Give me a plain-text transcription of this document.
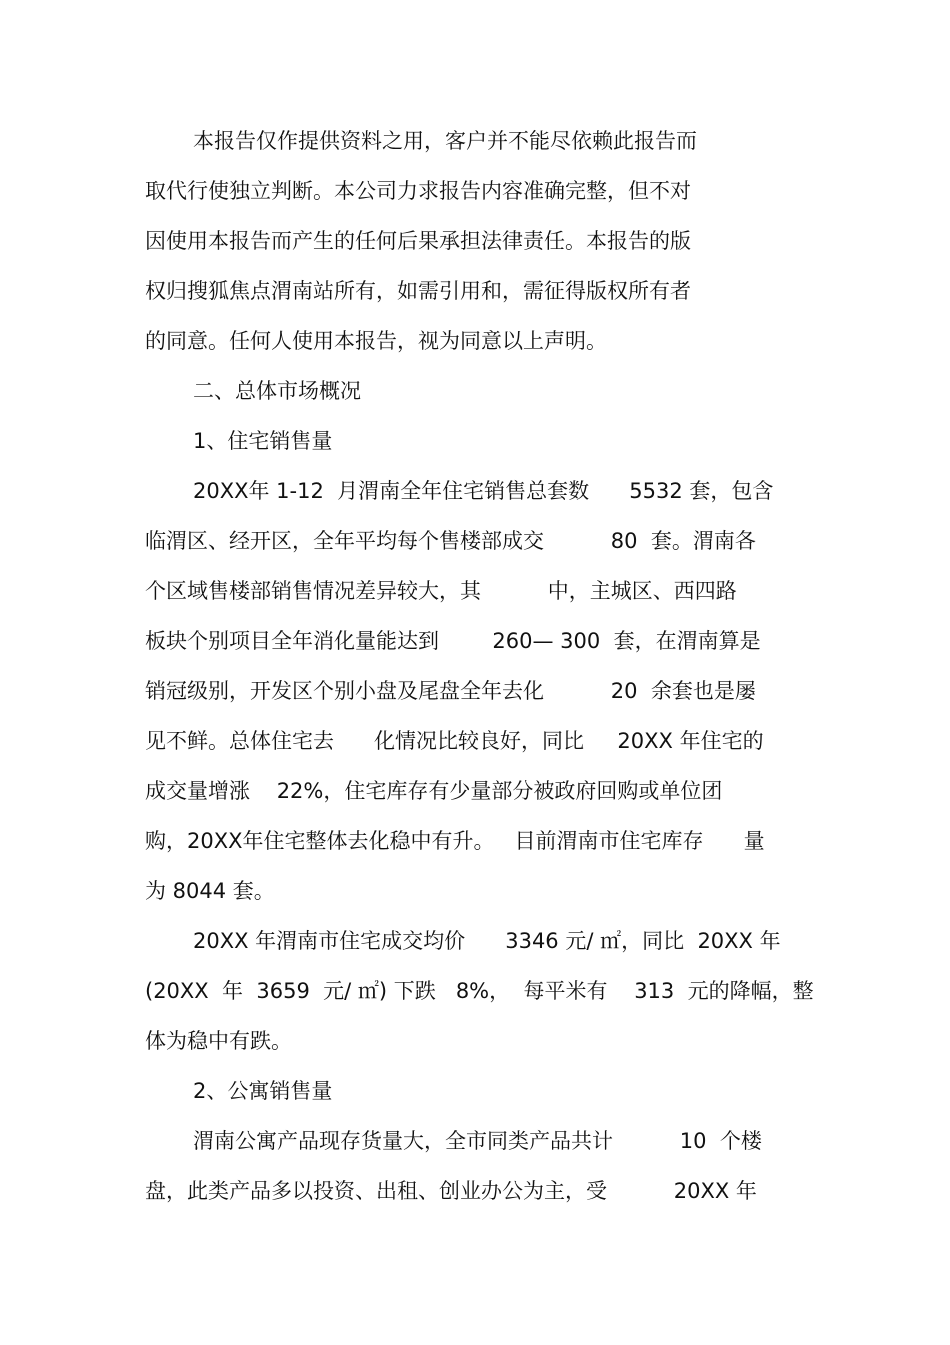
本报告仅作提供资料之用，客户并不能尽依赖此报告而
取代行使独立判断。本公司力求报告内容准确完整，但不对
因使用本报告而产生的任何后果承担法律责任。本报告的版
权归搜狐焦点渭南站所有，如需引用和，需征得版权所有者
的同意。任何人使用本报告，视为同意以上声明。
二、总体市场概况
1、住宅销售量
20XX年 1-12  月渭南全年住宅销售总套数      5532 套，包含
临渭区、经开区，全年平均每个售楼部成交          80  套。渭南各
个区域售楼部销售情况差异较大，其          中，主城区、西四路
板块个别项目全年消化量能达到        260— 300  套，在渭南算是
销冠级别，开发区个别小盘及尾盘全年去化          20  余套也是屡
见不鲜。总体住宅去      化情况比较良好，同比     20XX 年住宅的
成交量增涨    22%，住宅库存有少量部分被政府回购或单位团
购，20XX年住宅整体去化稳中有升。   目前渭南市住宅库存      量
为 8044 套。
20XX 年渭南市住宅成交均价      3346 元/ ㎡，同比  20XX 年
(20XX  年  3659  元/ ㎡) 下跌   8%，  每平米有    313  元的降幅，整
体为稳中有跌。
2、公寓销售量
渭南公寓产品现存货量大，全市同类产品共计          10  个楼
盘，此类产品多以投资、出租、创业办公为主，受          20XX 年
